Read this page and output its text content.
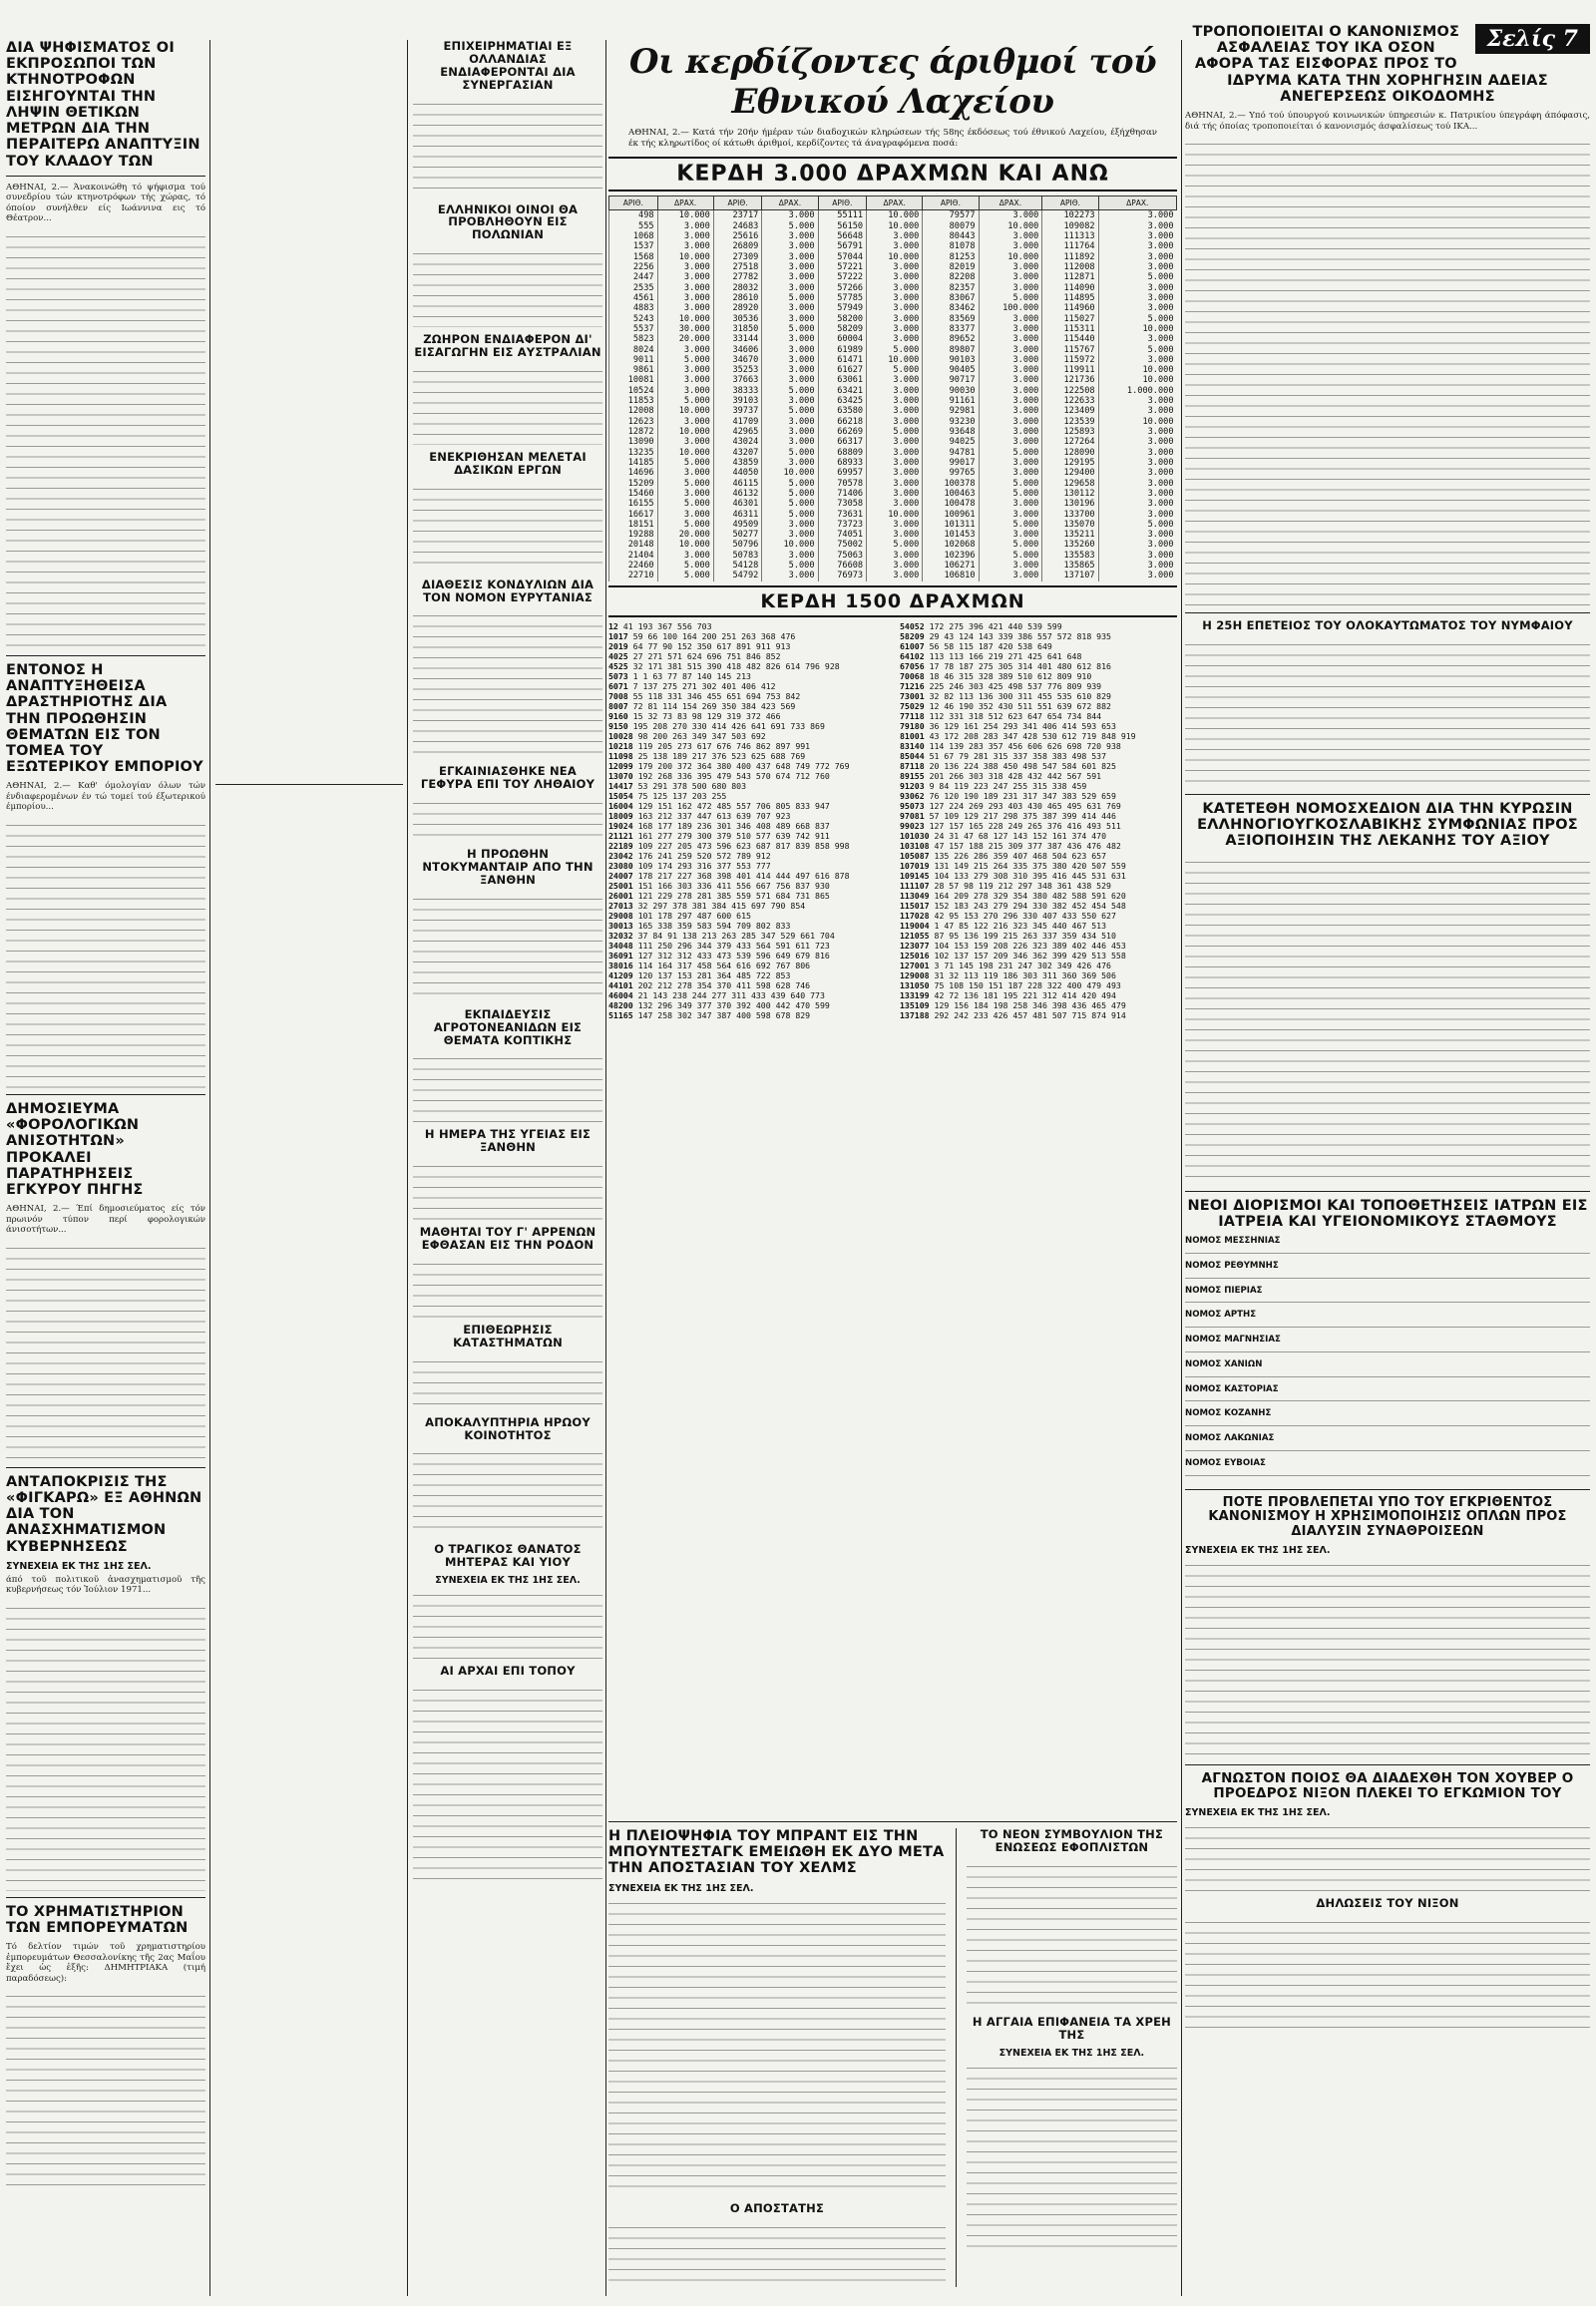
ΔΙΑ ΨΗΦΙΣΜΑΤΟΣ ΟΙ ΕΚΠΡΟΣΩΠΟΙ ΤΩΝ ΚΤΗΝΟΤΡΟΦΩΝ ΕΙΣΗΓΟΥΝΤΑΙ ΤΗΝ ΛΗΨΙΝ ΘΕΤΙΚΩΝ ΜΕΤΡΩΝ ΔΙΑ ΤΗΝ ΠΕΡΑΙΤΕΡΩ ΑΝΑΠΤΥΞΙΝ ΤΟΥ ΚΛΑΔΟΥ ΤΩΝ

ΑΘΗΝΑΙ, 2.— Άνακοινώθη τό ψήφισμα τού συνεδρίου τών κτηνοτρόφων τής χώρας, τό όποίον συνήλθεν είς Ιωάννινα εις τό Θέατρον...

ΕΝΤΟΝΟΣ Η ΑΝΑΠΤΥΞΗΘΕΙΣΑ ΔΡΑΣΤΗΡΙΟΤΗΣ ΔΙΑ ΤΗΝ ΠΡΟΩΘΗΣΙΝ ΘΕΜΑΤΩΝ ΕΙΣ ΤΟΝ ΤΟΜΕΑ ΤΟΥ ΕΞΩΤΕΡΙΚΟΥ ΕΜΠΟΡΙΟΥ

ΑΘΗΝΑΙ, 2.— Καθ' όμολογίαν όλων τών ένδιαφερομένων έν τώ τομεί τού έξωτερικού έμπορίου...

ΔΗΜΟΣΙΕΥΜΑ «ΦΟΡΟΛΟΓΙΚΩΝ ΑΝΙΣΟΤΗΤΩΝ» ΠΡΟΚΑΛΕΙ ΠΑΡΑΤΗΡΗΣΕΙΣ ΕΓΚΥΡΟΥ ΠΗΓΗΣ

ΑΘΗΝΑΙ, 2.— Έπί δημοσιεύματος είς τόν πρωινόν τύπον περί φορολογικών άνισοτήτων...

ΑΝΤΑΠΟΚΡΙΣΙΣ ΤΗΣ «ΦΙΓΚΑΡΩ» ΕΞ ΑΘΗΝΩΝ ΔΙΑ ΤΟΝ ΑΝΑΣΧΗΜΑΤΙΣΜΟΝ ΚΥΒΕΡΝΗΣΕΩΣ
ΣΥΝΕΧΕΙΑ ΕΚ ΤΗΣ 1ΗΣ ΣΕΛ.

άπό τοῦ πολιτικοῦ ἀνασχηματισμοῦ τῆς κυβερνήσεως τόν Ἰούλιον 1971...

ΤΟ ΧΡΗΜΑΤΙΣΤΗΡΙΟΝ ΤΩΝ ΕΜΠΟΡΕΥΜΑΤΩΝ

Τό δελτίον τιμών τοῦ χρηματιστηρίου ἐμπορευμάτων Θεσσαλονίκης τῆς 2ας Μαΐου ἔχει ὡς ἑξῆς: ΔΗΜΗΤΡΙΑΚΑ (τιμή παραδόσεως):

ΕΠΙΧΕΙΡΗΜΑΤΙΑΙ ΕΞ ΟΛΛΑΝΔΙΑΣ ΕΝΔΙΑΦΕΡΟΝΤΑΙ ΔΙΑ ΣΥΝΕΡΓΑΣΙΑΝ
ΕΛΛΗΝΙΚΟΙ ΟΙΝΟΙ ΘΑ ΠΡΟΒΛΗΘΟΥΝ ΕΙΣ ΠΟΛΩΝΙΑΝ
ΖΩΗΡΟΝ ΕΝΔΙΑΦΕΡΟΝ ΔΙ' ΕΙΣΑΓΩΓΗΝ ΕΙΣ ΑΥΣΤΡΑΛΙΑΝ
ΕΝΕΚΡΙΘΗΣΑΝ ΜΕΛΕΤΑΙ ΔΑΣΙΚΩΝ ΕΡΓΩΝ
ΔΙΑΘΕΣΙΣ ΚΟΝΔΥΛΙΩΝ ΔΙΑ ΤΟΝ ΝΟΜΟΝ ΕΥΡΥΤΑΝΙΑΣ
ΕΓΚΑΙΝΙΑΣΘΗΚΕ ΝΕΑ ΓΕΦΥΡΑ ΕΠΙ ΤΟΥ ΛΗΘΑΙΟΥ
Η ΠΡΟΩΘΗΝ ΝΤΟΚΥΜΑΝΤΑΙΡ ΑΠΟ ΤΗΝ ΞΑΝΘΗΝ
ΕΚΠΑΙΔΕΥΣΙΣ ΑΓΡΟΤΟΝΕΑΝΙΔΩΝ ΕΙΣ ΘΕΜΑΤΑ ΚΟΠΤΙΚΗΣ
Η ΗΜΕΡΑ ΤΗΣ ΥΓΕΙΑΣ ΕΙΣ ΞΑΝΘΗΝ
ΜΑΘΗΤΑΙ ΤΟΥ Γ' ΑΡΡΕΝΩΝ ΕΦΘΑΣΑΝ ΕΙΣ ΤΗΝ ΡΟΔΟΝ
ΕΠΙΘΕΩΡΗΣΙΣ ΚΑΤΑΣΤΗΜΑΤΩΝ
ΑΠΟΚΑΛΥΠΤΗΡΙΑ ΗΡΩΟΥ ΚΟΙΝΟΤΗΤΟΣ
Ο ΤΡΑΓΙΚΟΣ ΘΑΝΑΤΟΣ ΜΗΤΕΡΑΣ ΚΑΙ ΥΙΟΥ
ΣΥΝΕΧΕΙΑ ΕΚ ΤΗΣ 1ΗΣ ΣΕΛ.
ΑΙ ΑΡΧΑΙ ΕΠΙ ΤΟΠΟΥ
Οι κερδίζοντες άριθμοί τού Εθνικού Λαχείου

ΑΘΗΝΑΙ, 2.— Κατά τήν 20ήν ήμέραν τών διαδοχικών κληρώσεων τής 58ης έκδόσεως τού έθνικού Λαχείου, έξήχθησαν έκ τής κληρωτίδος οί κάτωθι άριθμοί, κερδίζοντες τά άναγραφόμενα ποσά:

ΚΕΡΔΗ 3.000 ΔΡΑΧΜΩΝ ΚΑΙ ΑΝΩ
ΑΡΙΘ.	ΔΡΑΧ.	ΑΡΙΘ.	ΔΡΑΧ.	ΑΡΙΘ.	ΔΡΑΧ.	ΑΡΙΘ.	ΔΡΑΧ.	ΑΡΙΘ.	ΔΡΑΧ.
498	10.000	23717	3.000	55111	10.000	79577	3.000	102273	3.000
555	3.000	24683	5.000	56150	10.000	80079	10.000	109082	3.000
1068	3.000	25616	3.000	56648	3.000	80443	3.000	111313	3.000
1537	3.000	26809	3.000	56791	3.000	81078	3.000	111764	3.000
1568	10.000	27309	3.000	57044	10.000	81253	10.000	111892	3.000
2256	3.000	27518	3.000	57221	3.000	82019	3.000	112008	3.000
2447	3.000	27782	3.000	57222	3.000	82208	3.000	112871	5.000
2535	3.000	28032	3.000	57266	3.000	82357	3.000	114090	3.000
4561	3.000	28610	5.000	57785	3.000	83067	5.000	114895	3.000
4883	3.000	28920	3.000	57949	3.000	83462	100.000	114960	3.000
5243	10.000	30536	3.000	58200	3.000	83569	3.000	115027	5.000
5537	30.000	31850	5.000	58209	3.000	83377	3.000	115311	10.000
5823	20.000	33144	3.000	60004	3.000	89652	3.000	115440	3.000
8024	3.000	34606	3.000	61989	5.000	89807	3.000	115767	5.000
9011	5.000	34670	3.000	61471	10.000	90103	3.000	115972	3.000
9861	3.000	35253	3.000	61627	5.000	90405	3.000	119911	10.000
10081	3.000	37663	3.000	63061	3.000	90717	3.000	121736	10.000
10524	3.000	38333	5.000	63421	3.000	90030	3.000	122508	1.000.000
11853	5.000	39103	3.000	63425	3.000	91161	3.000	122633	3.000
12008	10.000	39737	5.000	63580	3.000	92981	3.000	123409	3.000
12623	3.000	41709	3.000	66218	3.000	93230	3.000	123539	10.000
12872	10.000	42965	3.000	66269	5.000	93648	3.000	125893	3.000
13090	3.000	43024	3.000	66317	3.000	94025	3.000	127264	3.000
13235	10.000	43207	5.000	68809	3.000	94781	5.000	128090	3.000
14185	5.000	43859	3.000	68933	3.000	99017	3.000	129195	3.000
14696	3.000	44050	10.000	69957	3.000	99765	3.000	129400	3.000
15209	5.000	46115	5.000	70578	3.000	100378	5.000	129658	3.000
15460	3.000	46132	5.000	71406	3.000	100463	5.000	130112	3.000
16155	5.000	46301	5.000	73058	3.000	100478	3.000	130196	3.000
16617	3.000	46311	5.000	73631	10.000	100961	3.000	133700	3.000
18151	5.000	49509	3.000	73723	3.000	101311	5.000	135070	5.000
19288	20.000	50277	3.000	74051	3.000	101453	3.000	135211	3.000
20148	10.000	50796	10.000	75002	5.000	102068	5.000	135260	3.000
21404	3.000	50783	3.000	75063	3.000	102396	5.000	135583	3.000
22460	5.000	54128	5.000	76608	3.000	106271	3.000	135865	3.000
22710	5.000	54792	3.000	76973	3.000	106810	3.000	137107	3.000
ΚΕΡΔΗ 1500 ΔΡΑΧΜΩΝ
12 41 193 367 556 703
1017 59 66 100 164 200 251 263 368 476
2019 64 77 90 152 350 617 891 911 913
4025 27 271 571 624 696 751 846 852
4525 32 171 381 515 390 418 482 826 614 796 928
5073 1 1 63 77 87 140 145 213
6071 7 137 275 271 302 401 406 412
7008 55 118 331 346 455 651 694 753 842
8007 72 81 114 154 269 350 384 423 569
9160 15 32 73 83 98 129 319 372 466
9150 195 208 270 330 414 426 641 691 733 869
10028 98 200 263 349 347 503 692
10218 119 205 273 617 676 746 862 897 991
11098 25 138 189 217 376 523 625 688 769
12099 179 200 372 364 380 400 437 648 749 772 769
13070 192 268 336 395 479 543 570 674 712 760
14417 53 291 378 500 680 803
15054 75 125 137 203 255
16004 129 151 162 472 485 557 706 805 833 947
18009 163 212 337 447 613 639 707 923
19024 168 177 189 236 301 346 408 489 668 837
21121 161 277 279 300 379 510 577 639 742 911
22189 109 227 205 473 596 623 687 817 839 858 998
23042 176 241 259 520 572 789 912
23080 109 174 293 316 377 553 777
24007 178 217 227 368 398 401 414 444 497 616 878
25001 151 166 303 336 411 556 667 756 837 930
26001 121 229 278 281 385 559 571 684 731 865
27013 32 297 378 381 384 415 697 790 854
29008 101 178 297 487 600 615
30013 165 338 359 583 594 709 802 833
32032 37 84 91 138 213 263 285 347 529 661 704
34048 111 250 296 344 379 433 564 591 611 723
36091 127 312 312 433 473 539 596 649 679 816
38016 114 164 317 458 564 616 692 767 806
41209 120 137 153 281 364 485 722 853
44101 202 212 278 354 370 411 598 628 746
46004 21 143 238 244 277 311 433 439 640 773
48200 132 296 349 377 370 392 400 442 470 599
51165 147 258 302 347 387 400 598 678 829
54052 172 275 396 421 440 539 599
58209 29 43 124 143 339 386 557 572 818 935
61007 56 58 115 187 420 538 649
64102 113 113 166 219 271 425 641 648
67056 17 78 187 275 305 314 401 480 612 816
70068 18 46 315 328 389 510 612 809 910
71216 225 246 303 425 498 537 776 809 939
73001 32 82 113 136 300 311 455 535 610 829
75029 12 46 190 352 430 511 551 639 672 882
77118 112 331 318 512 623 647 654 734 844
79180 36 129 161 254 293 341 406 414 593 653
81001 43 172 208 283 347 428 530 612 719 848 919
83140 114 139 283 357 456 606 626 698 720 938
85044 51 67 79 281 315 337 358 383 498 537
87118 20 136 224 388 450 498 547 584 601 825
89155 201 266 303 318 428 432 442 567 591
91203 9 84 119 223 247 255 315 338 459
93062 76 120 190 189 231 317 347 383 529 659
95073 127 224 269 293 403 430 465 495 631 769
97081 57 109 129 217 298 375 387 399 414 446
99023 127 157 165 228 249 265 376 416 493 511
101030 24 31 47 68 127 143 152 161 374 470
103108 47 157 188 215 309 377 387 436 476 482
105087 135 226 286 359 407 468 504 623 657
107019 131 149 215 264 335 375 380 420 507 559
109145 104 133 279 308 310 395 416 445 531 631
111107 28 57 98 119 212 297 348 361 438 529
113049 164 209 278 329 354 380 482 588 591 620
115017 152 183 243 279 294 330 382 452 454 548
117028 42 95 153 270 296 330 407 433 550 627
119004 1 47 85 122 216 323 345 440 467 513
121055 87 95 136 199 215 263 337 359 434 510
123077 104 153 159 208 226 323 389 402 446 453
125016 102 137 157 209 346 362 399 429 513 558
127001 3 71 145 198 231 247 302 349 426 476
129008 31 32 113 119 186 303 311 360 369 506
131050 75 108 150 151 187 228 322 400 479 493
133199 42 72 136 181 195 221 312 414 420 494
135109 129 156 184 198 258 346 398 436 465 479
137188 292 242 233 426 457 481 507 715 874 914
Η ΠΛΕΙΟΨΗΦΙΑ ΤΟΥ ΜΠΡΑΝΤ ΕΙΣ ΤΗΝ ΜΠΟΥΝΤΕΣΤΑΓΚ ΕΜΕΙΩΘΗ ΕΚ ΔΥΟ ΜΕΤΑ ΤΗΝ ΑΠΟΣΤΑΣΙΑΝ ΤΟΥ ΧΕΛΜΣ
ΣΥΝΕΧΕΙΑ ΕΚ ΤΗΣ 1ΗΣ ΣΕΛ.
Ο ΑΠΟΣΤΑΤΗΣ
ΤΟ ΝΕΟΝ ΣΥΜΒΟΥΛΙΟΝ ΤΗΣ ΕΝΩΣΕΩΣ ΕΦΟΠΛΙΣΤΩΝ
Η ΑΓΓΑΙΑ ΕΠΙΦΑΝΕΙΑ ΤΑ ΧΡΕΗ ΤΗΣ
ΣΥΝΕΧΕΙΑ ΕΚ ΤΗΣ 1ΗΣ ΣΕΛ.
Σελίς 7
ΤΡΟΠΟΠΟΙΕΙΤΑΙ Ο ΚΑΝΟΝΙΣΜΟΣ ΑΣΦΑΛΕΙΑΣ ΤΟΥ ΙΚΑ ΟΣΟΝ ΑΦΟΡΑ ΤΑΣ ΕΙΣΦΟΡΑΣ ΠΡΟΣ ΤΟ ΙΔΡΥΜΑ ΚΑΤΑ ΤΗΝ ΧΟΡΗΓΗΣΙΝ ΑΔΕΙΑΣ ΑΝΕΓΕΡΣΕΩΣ ΟΙΚΟΔΟΜΗΣ

ΑΘΗΝΑΙ, 2.— Υπό τού ύπουργού κοινωνικών ύπηρεσιών κ. Πατρικίου ύπεγράφη άπόφασις, διά τής όποίας τροποποιείται ό κανονισμός άσφαλίσεως τού ΙΚΑ...

Η 25Η ΕΠΕΤΕΙΟΣ ΤΟΥ ΟΛΟΚΑΥΤΩΜΑΤΟΣ ΤΟΥ ΝΥΜΦΑΙΟΥ
ΚΑΤΕΤΕΘΗ ΝΟΜΟΣΧΕΔΙΟΝ ΔΙΑ ΤΗΝ ΚΥΡΩΣΙΝ ΕΛΛΗΝΟΓΙΟΥΓΚΟΣΛΑΒΙΚΗΣ ΣΥΜΦΩΝΙΑΣ ΠΡΟΣ ΑΞΙΟΠΟΙΗΣΙΝ ΤΗΣ ΛΕΚΑΝΗΣ ΤΟΥ ΑΞΙΟΥ
ΝΕΟΙ ΔΙΟΡΙΣΜΟΙ ΚΑΙ ΤΟΠΟΘΕΤΗΣΕΙΣ ΙΑΤΡΩΝ ΕΙΣ ΙΑΤΡΕΙΑ ΚΑΙ ΥΓΕΙΟΝΟΜΙΚΟΥΣ ΣΤΑΘΜΟΥΣ

ΝΟΜΟΣ ΜΕΣΣΗΝΙΑΣ

ΝΟΜΟΣ ΡΕΘΥΜΝΗΣ

ΝΟΜΟΣ ΠΙΕΡΙΑΣ

ΝΟΜΟΣ ΑΡΤΗΣ

ΝΟΜΟΣ ΜΑΓΝΗΣΙΑΣ

ΝΟΜΟΣ ΧΑΝΙΩΝ

ΝΟΜΟΣ ΚΑΣΤΟΡΙΑΣ

ΝΟΜΟΣ ΚΟΖΑΝΗΣ

ΝΟΜΟΣ ΛΑΚΩΝΙΑΣ

ΝΟΜΟΣ ΕΥΒΟΙΑΣ

ΠΟΤΕ ΠΡΟΒΛΕΠΕΤΑΙ ΥΠΟ ΤΟΥ ΕΓΚΡΙΘΕΝΤΟΣ ΚΑΝΟΝΙΣΜΟΥ Η ΧΡΗΣΙΜΟΠΟΙΗΣΙΣ ΟΠΛΩΝ ΠΡΟΣ ΔΙΑΛΥΣΙΝ ΣΥΝΑΘΡΟΙΣΕΩΝ
ΣΥΝΕΧΕΙΑ ΕΚ ΤΗΣ 1ΗΣ ΣΕΛ.
ΑΓΝΩΣΤΟΝ ΠΟΙΟΣ ΘΑ ΔΙΑΔΕΧΘΗ ΤΟΝ ΧΟΥΒΕΡ Ο ΠΡΟΕΔΡΟΣ ΝΙΞΟΝ ΠΛΕΚΕΙ ΤΟ ΕΓΚΩΜΙΟΝ ΤΟΥ
ΣΥΝΕΧΕΙΑ ΕΚ ΤΗΣ 1ΗΣ ΣΕΛ.
ΔΗΛΩΣΕΙΣ ΤΟΥ ΝΙΞΟΝ
